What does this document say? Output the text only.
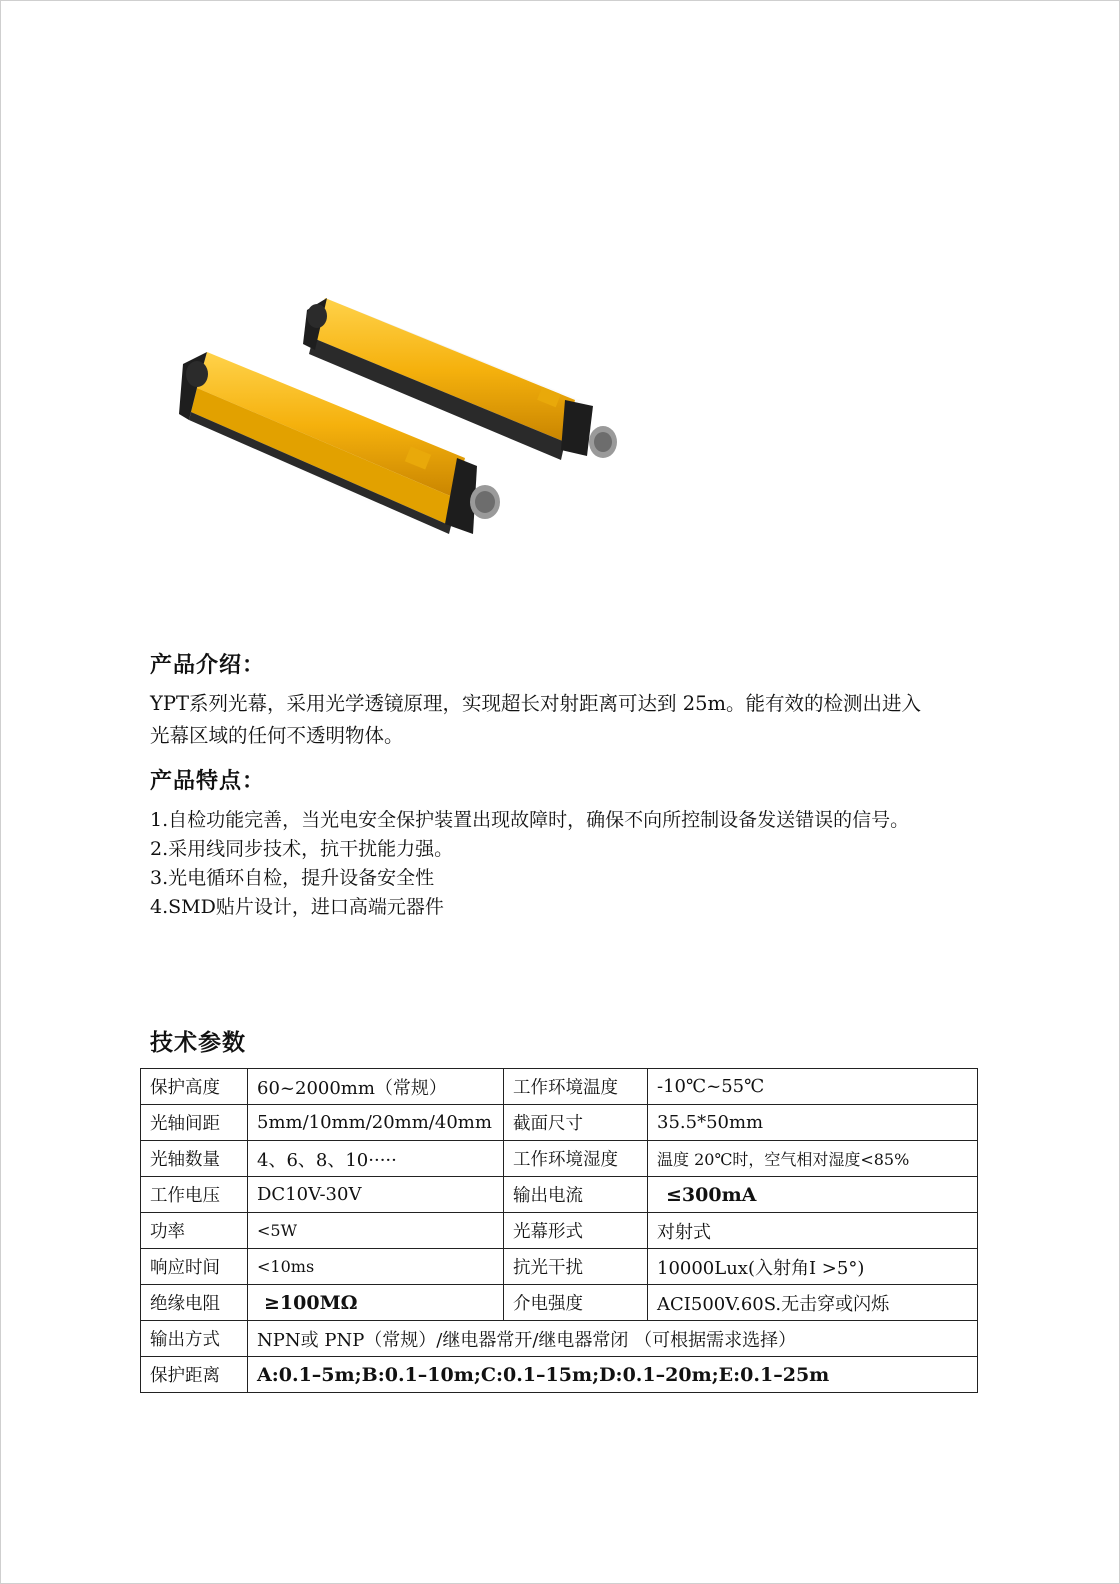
产品介绍：
YPT系列光幕，采用光学透镜原理，实现超长对射距离可达到 25m。能有效的检测出进入光幕区域的任何不透明物体。
产品特点：
1.自检功能完善，当光电安全保护装置出现故障时，确保不向所控制设备发送错误的信号。
2.采用线同步技术，抗干扰能力强。
3.光电循环自检，提升设备安全性
4.SMD贴片设计，进口高端元器件
技术参数
保护高度	60~2000mm（常规）	工作环境温度	-10℃~55℃
光轴间距	5mm/10mm/20mm/40mm	截面尺寸	35.5*50mm
光轴数量	4、6、8、10·····	工作环境湿度	温度 20℃时，空气相对湿度<85%
工作电压	DC10V-30V	输出电流	≤300mA
功率	<5W	光幕形式	对射式
响应时间	<10ms	抗光干扰	10000Lux(入射角I >5°)
绝缘电阻	≥100MΩ	介电强度	ACI500V.60S.无击穿或闪烁
输出方式	NPN或 PNP（常规）/继电器常开/继电器常闭 （可根据需求选择）		
保护距离	A:0.1–5m;B:0.1–10m;C:0.1–15m;D:0.1–20m;E:0.1–25m		
